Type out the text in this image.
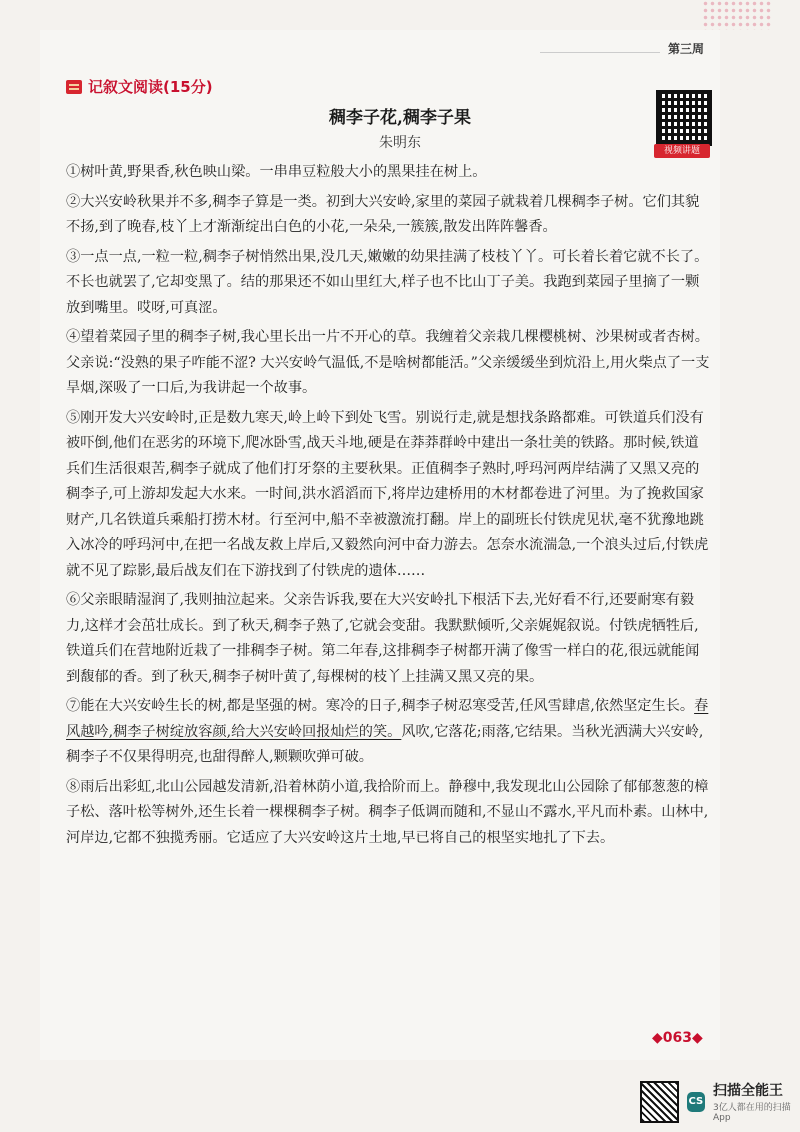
第三周
记叙文阅读(15分)
稠李子花,稠李子果
朱明东	视频讲题

①树叶黄,野果香,秋色映山梁。一串串豆粒般大小的黑果挂在树上。

②大兴安岭秋果并不多,稠李子算是一类。初到大兴安岭,家里的菜园子就栽着几棵稠李子树。它们其貌不扬,到了晚春,枝丫上才渐渐绽出白色的小花,一朵朵,一簇簇,散发出阵阵馨香。

③一点一点,一粒一粒,稠李子树悄然出果,没几天,嫩嫩的幼果挂满了枝枝丫丫。可长着长着它就不长了。不长也就罢了,它却变黑了。结的那果还不如山里红大,样子也不比山丁子美。我跑到菜园子里摘了一颗放到嘴里。哎呀,可真涩。

④望着菜园子里的稠李子树,我心里长出一片不开心的草。我缠着父亲栽几棵樱桃树、沙果树或者杏树。父亲说:“没熟的果子咋能不涩? 大兴安岭气温低,不是啥树都能活。”父亲缓缓坐到炕沿上,用火柴点了一支旱烟,深吸了一口后,为我讲起一个故事。

⑤刚开发大兴安岭时,正是数九寒天,岭上岭下到处飞雪。别说行走,就是想找条路都难。可铁道兵们没有被吓倒,他们在恶劣的环境下,爬冰卧雪,战天斗地,硬是在莽莽群岭中建出一条壮美的铁路。那时候,铁道兵们生活很艰苦,稠李子就成了他们打牙祭的主要秋果。正值稠李子熟时,呼玛河两岸结满了又黑又亮的稠李子,可上游却发起大水来。一时间,洪水滔滔而下,将岸边建桥用的木材都卷进了河里。为了挽救国家财产,几名铁道兵乘船打捞木材。行至河中,船不幸被激流打翻。岸上的副班长付铁虎见状,毫不犹豫地跳入冰冷的呼玛河中,在把一名战友救上岸后,又毅然向河中奋力游去。怎奈水流湍急,一个浪头过后,付铁虎就不见了踪影,最后战友们在下游找到了付铁虎的遗体……

⑥父亲眼睛湿润了,我则抽泣起来。父亲告诉我,要在大兴安岭扎下根活下去,光好看不行,还要耐寒有毅力,这样才会茁壮成长。到了秋天,稠李子熟了,它就会变甜。我默默倾听,父亲娓娓叙说。付铁虎牺牲后,铁道兵们在营地附近栽了一排稠李子树。第二年春,这排稠李子树都开满了像雪一样白的花,很远就能闻到馥郁的香。到了秋天,稠李子树叶黄了,每棵树的枝丫上挂满又黑又亮的果。

⑦能在大兴安岭生长的树,都是坚强的树。寒冷的日子,稠李子树忍寒受苦,任风雪肆虐,依然坚定生长。春风越吟,稠李子树绽放容颜,给大兴安岭回报灿烂的笑。风吹,它落花;雨落,它结果。当秋光洒满大兴安岭,稠李子不仅果得明亮,也甜得醉人,颗颗吹弹可破。

⑧雨后出彩虹,北山公园越发清新,沿着林荫小道,我拾阶而上。静穆中,我发现北山公园除了郁郁葱葱的樟子松、落叶松等树外,还生长着一棵棵稠李子树。稠李子低调而随和,不显山不露水,平凡而朴素。山林中,河岸边,它都不独揽秀丽。它适应了大兴安岭这片土地,早已将自己的根坚实地扎了下去。

◆063◆
CS
扫描全能王
3亿人都在用的扫描App
